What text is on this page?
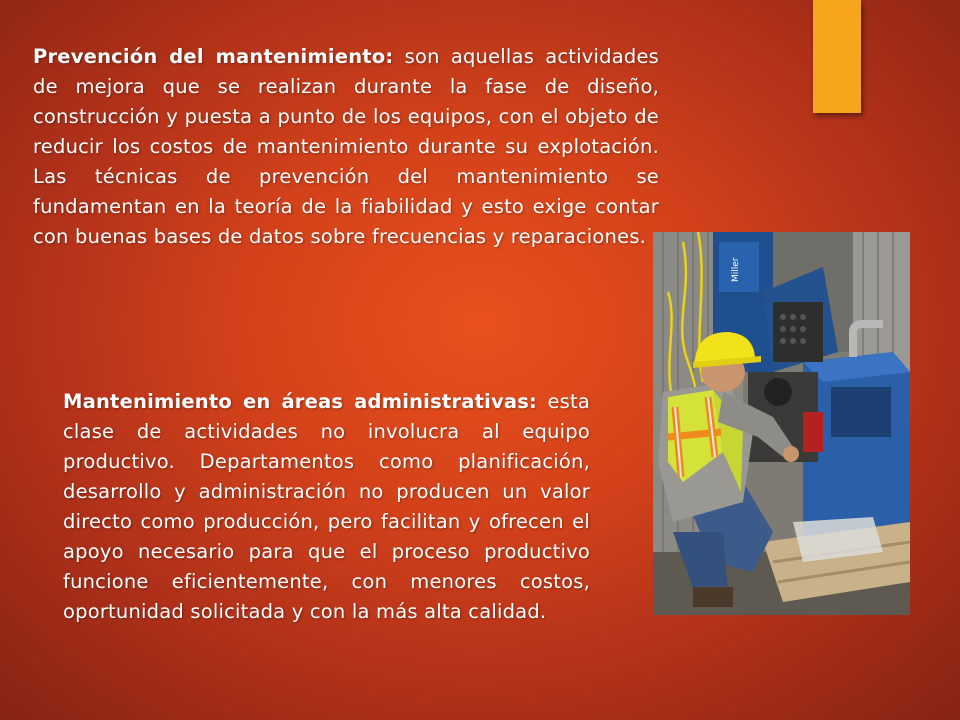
Prevención del mantenimiento: son aquellas actividades de mejora que se realizan durante la fase de diseño, construcción y puesta a punto de los equipos, con el objeto de reducir los costos de mantenimiento durante su explotación. Las técnicas de prevención del mantenimiento se fundamentan en la teoría de la fiabilidad y esto exige contar con buenas bases de datos sobre frecuencias y reparaciones.

Miller

Mantenimiento en áreas administrativas: esta clase de actividades no involucra al equipo productivo. Departamentos como planificación, desarrollo y administración no producen un valor directo como producción, pero facilitan y ofrecen el apoyo necesario para que el proceso productivo funcione eficientemente, con menores costos, oportunidad solicitada y con la más alta calidad.
